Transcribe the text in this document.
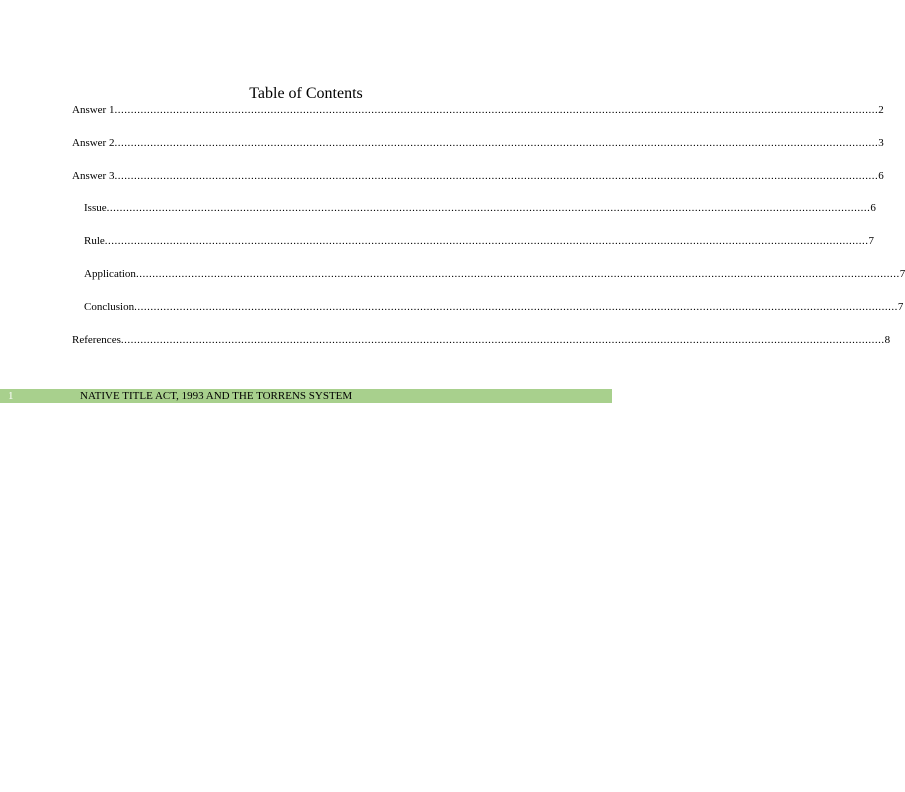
Table of Contents
Answer 1 ........................................................................................................................................................................................................................................... 2
Answer 2 ........................................................................................................................................................................................................................................... 3
Answer 3 ........................................................................................................................................................................................................................................... 6
Issue ........................................................................................................................................................................................................................................... 6
Rule ........................................................................................................................................................................................................................................... 7
Application ........................................................................................................................................................................................................................................... 7
Conclusion ........................................................................................................................................................................................................................................... 7
References ........................................................................................................................................................................................................................................... 8
1	NATIVE TITLE ACT, 1993 AND THE TORRENS SYSTEM
